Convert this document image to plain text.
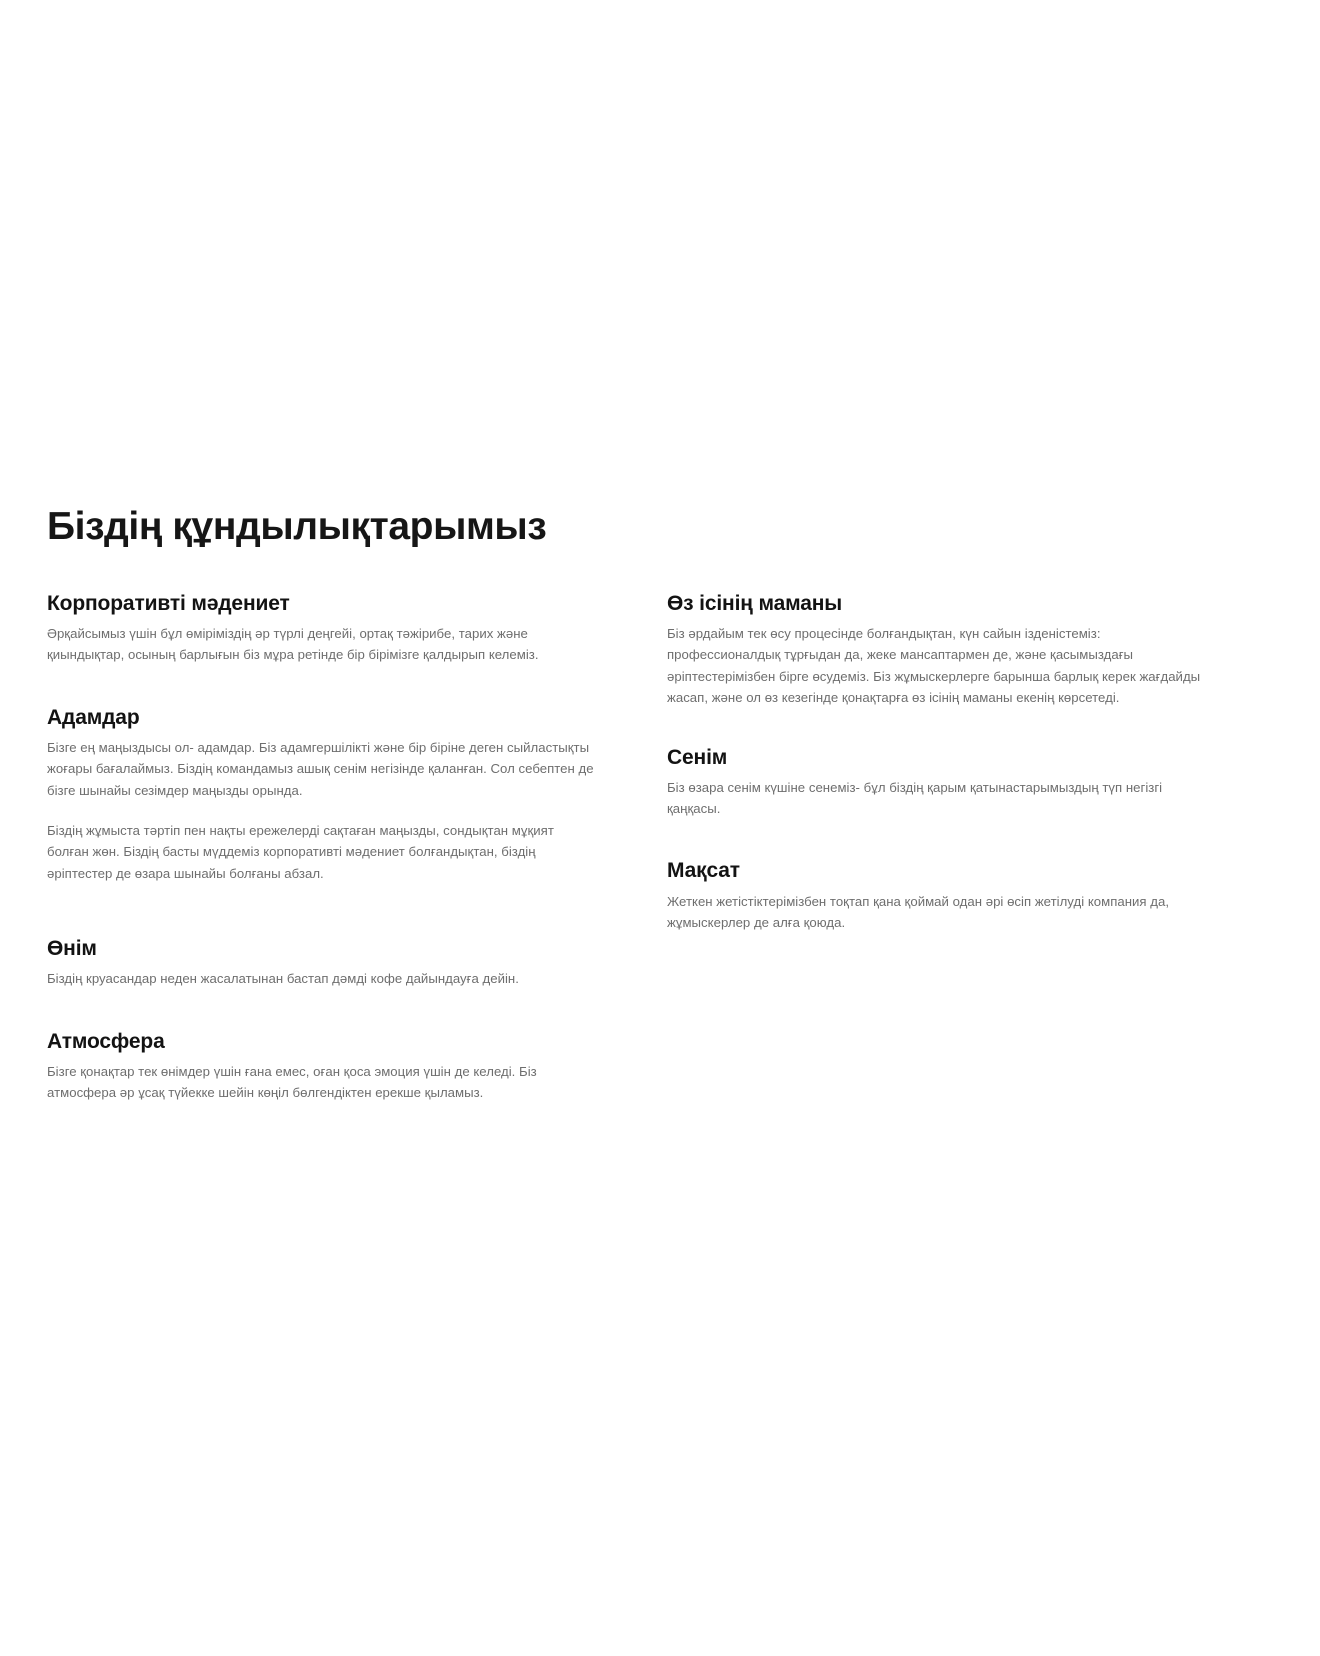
Біздің құндылықтарымыз
Корпоративті мәдениет

Әрқайсымыз үшін бұл өміріміздің әр түрлі деңгейі, ортақ тәжірибе, тарих және қиындықтар, осының барлығын біз мұра ретінде бір бірімізге қалдырып келеміз.

Адамдар

Бізге ең маңыздысы ол- адамдар. Біз адамгершілікті және бір біріне деген сыйластықты жоғары бағалаймыз. Біздің командамыз ашық сенім негізінде қаланған. Сол себептен де бізге шынайы сезімдер маңызды орында.

Біздің жұмыста тәртіп пен нақты ережелерді сақтаған маңызды, сондықтан мұқият болған жөн. Біздің басты мүддеміз корпоративті мәдениет болғандықтан, біздің әріптестер де өзара шынайы болғаны абзал.

Өнім

Біздің круасандар неден жасалатынан бастап дәмді кофе дайындауға дейін.

Атмосфера

Бізге қонақтар тек өнімдер үшін ғана емес, оған қоса эмоция үшін де келеді. Біз атмосфера әр ұсақ түйекке шейін көңіл бөлгендіктен ерекше қыламыз.

Өз ісінің маманы

Біз әрдайым тек өсу процесінде болғандықтан, күн сайын ізденістеміз: профессионалдық тұрғыдан да, жеке мансаптармен де, және қасымыздағы әріптестерімізбен бірге өсудеміз. Біз жұмыскерлерге барынша барлық керек жағдайды жасап, және ол өз кезегінде қонақтарға өз ісінің маманы екенің көрсетеді.

Сенім

Біз өзара сенім күшіне сенеміз- бұл біздің қарым қатынастарымыздың түп негізгі қаңқасы.

Мақсат

Жеткен жетістіктерімізбен тоқтап қана қоймай одан әрі өсіп жетілуді компания да, жұмыскерлер де алға қоюда.
